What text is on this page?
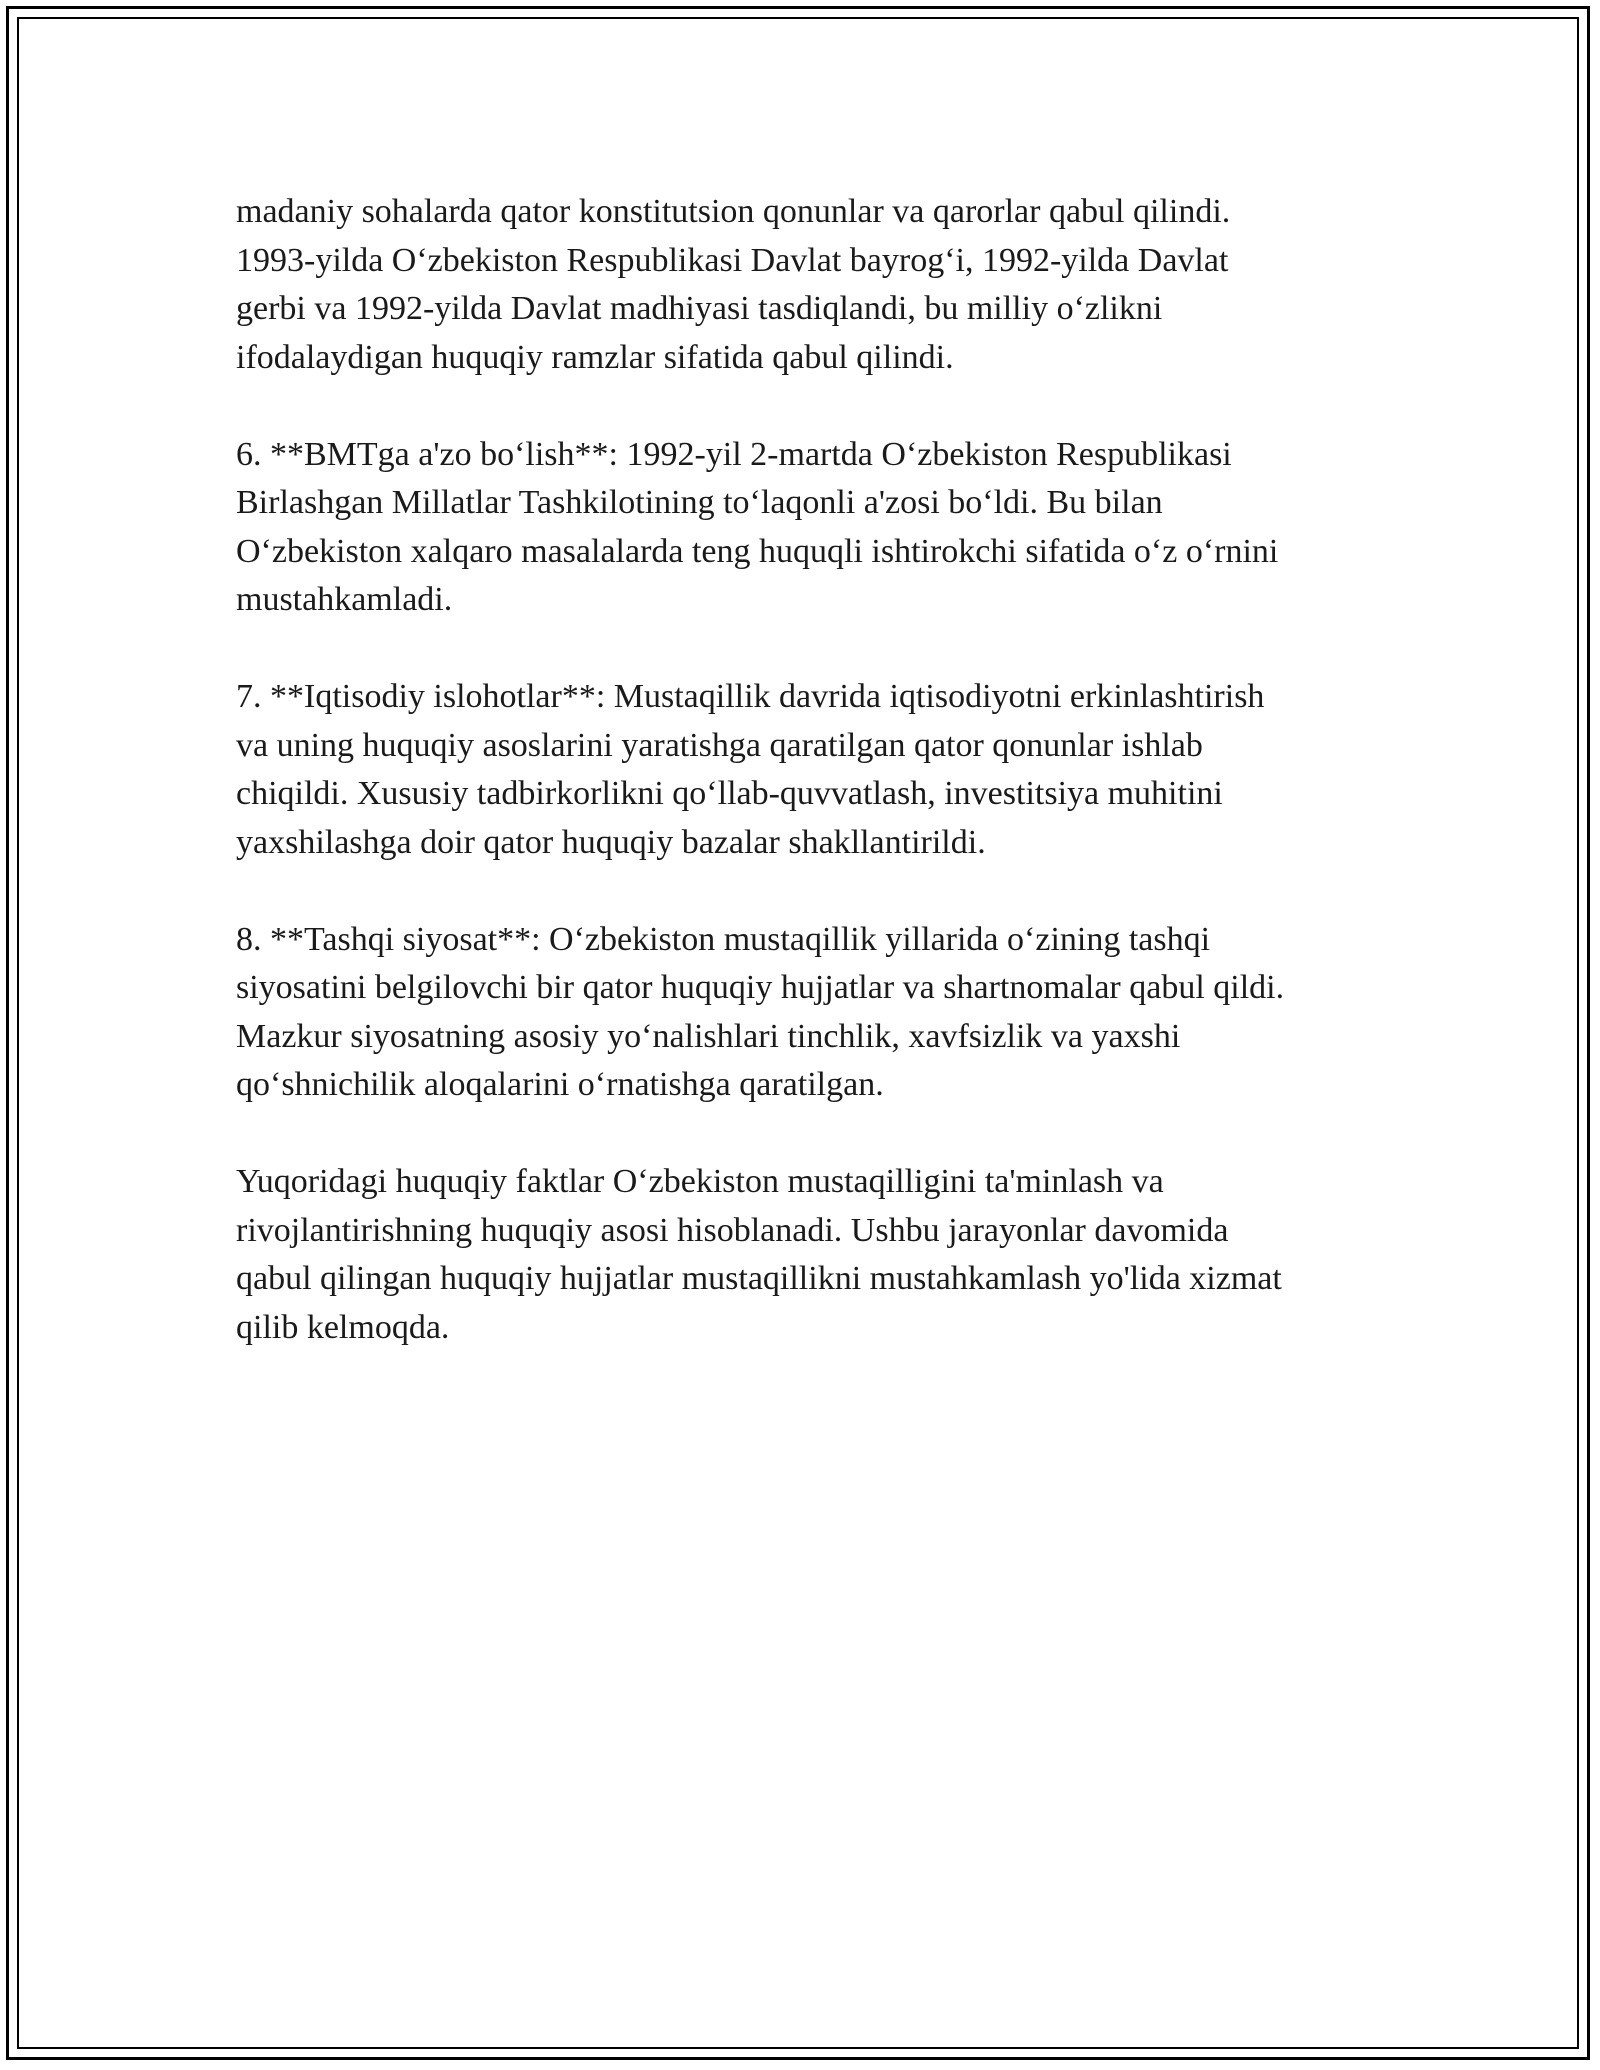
madaniy sohalarda qator konstitutsion qonunlar va qarorlar qabul qilindi.
1993-yilda O‘zbekiston Respublikasi Davlat bayrog‘i, 1992-yilda Davlat
gerbi va 1992-yilda Davlat madhiyasi tasdiqlandi, bu milliy o‘zlikni
ifodalaydigan huquqiy ramzlar sifatida qabul qilindi.

6. **BMTga a'zo bo‘lish**: 1992-yil 2-martda O‘zbekiston Respublikasi
Birlashgan Millatlar Tashkilotining to‘laqonli a'zosi bo‘ldi. Bu bilan
O‘zbekiston xalqaro masalalarda teng huquqli ishtirokchi sifatida o‘z o‘rnini
mustahkamladi.

7. **Iqtisodiy islohotlar**: Mustaqillik davrida iqtisodiyotni erkinlashtirish
va uning huquqiy asoslarini yaratishga qaratilgan qator qonunlar ishlab
chiqildi. Xususiy tadbirkorlikni qo‘llab-quvvatlash, investitsiya muhitini
yaxshilashga doir qator huquqiy bazalar shakllantirildi.

8. **Tashqi siyosat**: O‘zbekiston mustaqillik yillarida o‘zining tashqi
siyosatini belgilovchi bir qator huquqiy hujjatlar va shartnomalar qabul qildi.
Mazkur siyosatning asosiy yo‘nalishlari tinchlik, xavfsizlik va yaxshi
qo‘shnichilik aloqalarini o‘rnatishga qaratilgan.

Yuqoridagi huquqiy faktlar O‘zbekiston mustaqilligini ta'minlash va
rivojlantirishning huquqiy asosi hisoblanadi. Ushbu jarayonlar davomida
qabul qilingan huquqiy hujjatlar mustaqillikni mustahkamlash yo'lida xizmat
qilib kelmoqda.
